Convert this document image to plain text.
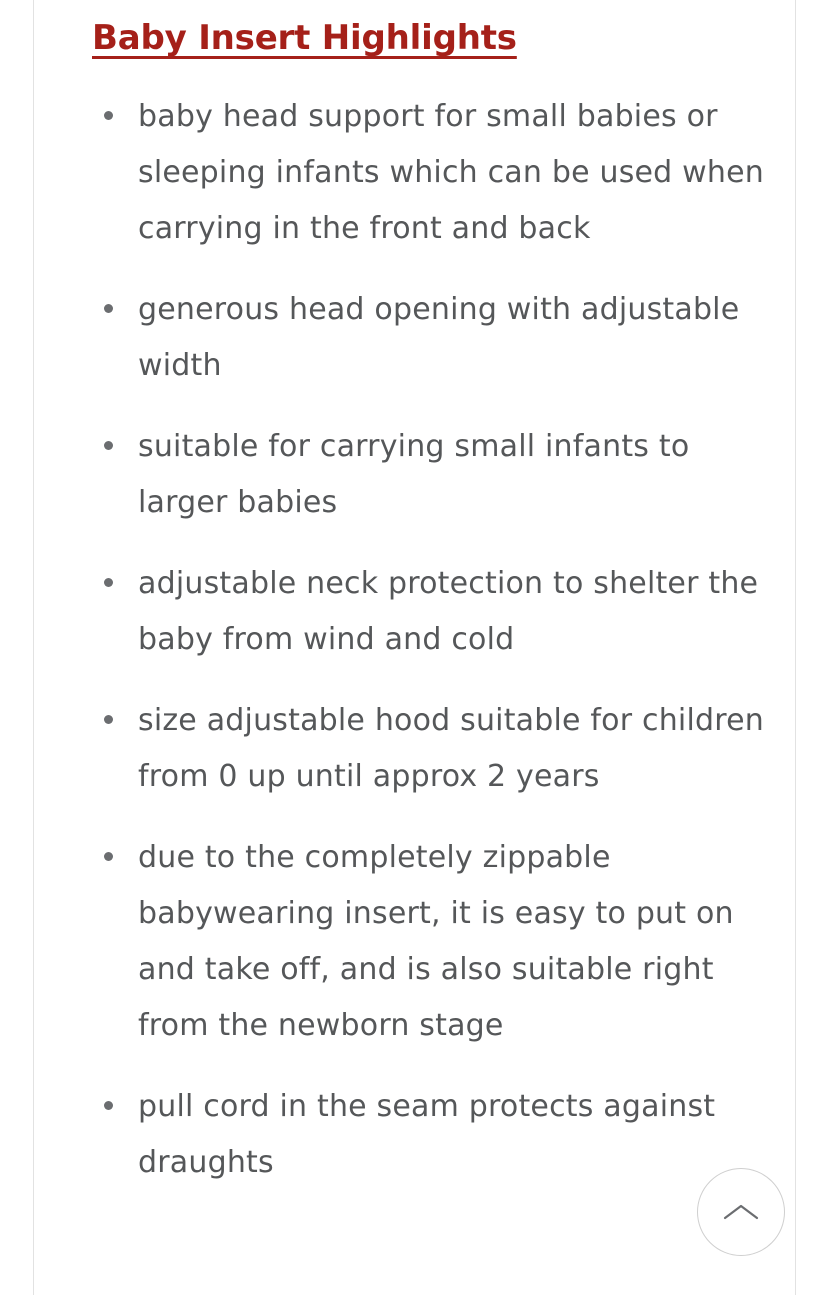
Baby Insert Highlights
baby head support for small babies or sleeping infants which can be used when carrying in the front and back
generous head opening with adjustable width
suitable for carrying small infants to larger babies
adjustable neck protection to shelter the baby from wind and cold
size adjustable hood suitable for children from 0 up until approx 2 years
due to the completely zippable babywearing insert, it is easy to put on and take off, and is also suitable right from the newborn stage
pull cord in the seam protects against draughts
